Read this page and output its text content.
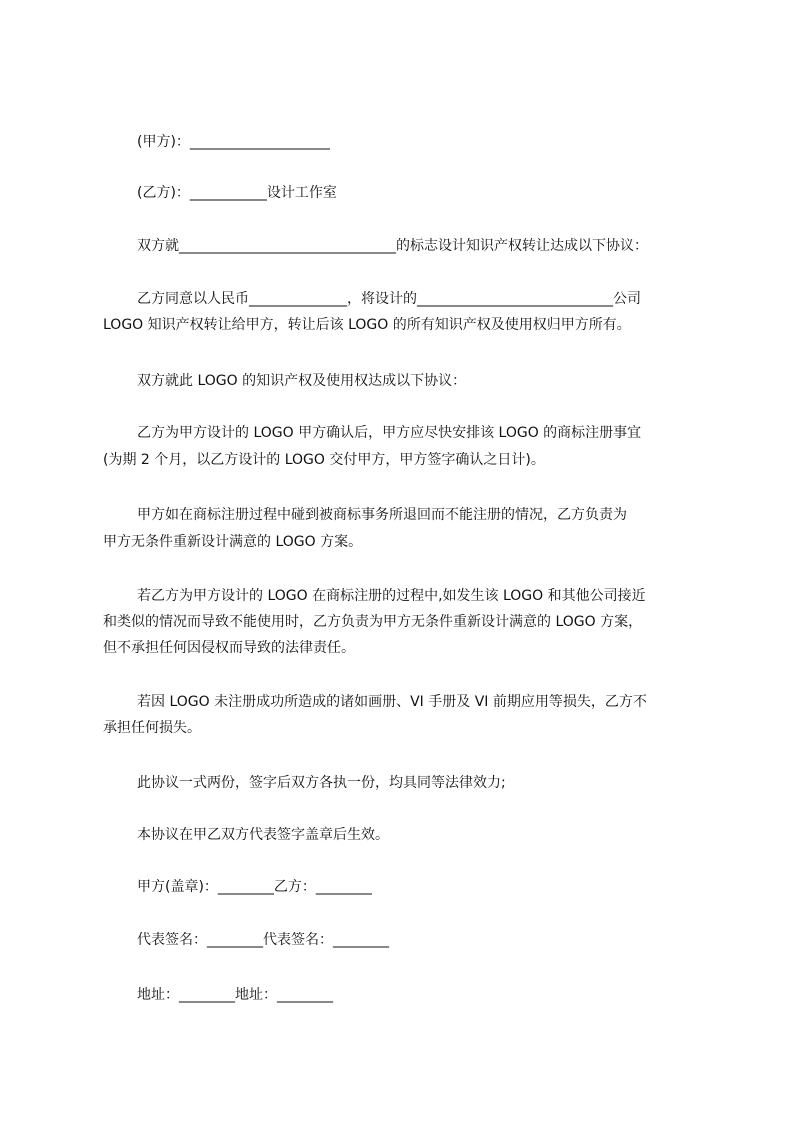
(甲方)：____________________
(乙方)：___________设计工作室
双方就_______________________________的标志设计知识产权转让达成以下协议：
乙方同意以人民币______________，将设计的____________________________公司
LOGO 知识产权转让给甲方，转让后该 LOGO 的所有知识产权及使用权归甲方所有。
双方就此 LOGO 的知识产权及使用权达成以下协议：
乙方为甲方设计的 LOGO 甲方确认后，甲方应尽快安排该 LOGO 的商标注册事宜
(为期 2 个月，以乙方设计的 LOGO 交付甲方，甲方签字确认之日计)。
甲方如在商标注册过程中碰到被商标事务所退回而不能注册的情况，乙方负责为
甲方无条件重新设计满意的 LOGO 方案。
若乙方为甲方设计的 LOGO 在商标注册的过程中,如发生该 LOGO 和其他公司接近
和类似的情况而导致不能使用时，乙方负责为甲方无条件重新设计满意的 LOGO 方案，
但不承担任何因侵权而导致的法律责任。
若因 LOGO 未注册成功所造成的诸如画册、VI 手册及 VI 前期应用等损失，乙方不
承担任何损失。
此协议一式两份，签字后双方各执一份，均具同等法律效力;
本协议在甲乙双方代表签字盖章后生效。
甲方(盖章)：________乙方：________
代表签名：________代表签名：________
地址：________地址：________
